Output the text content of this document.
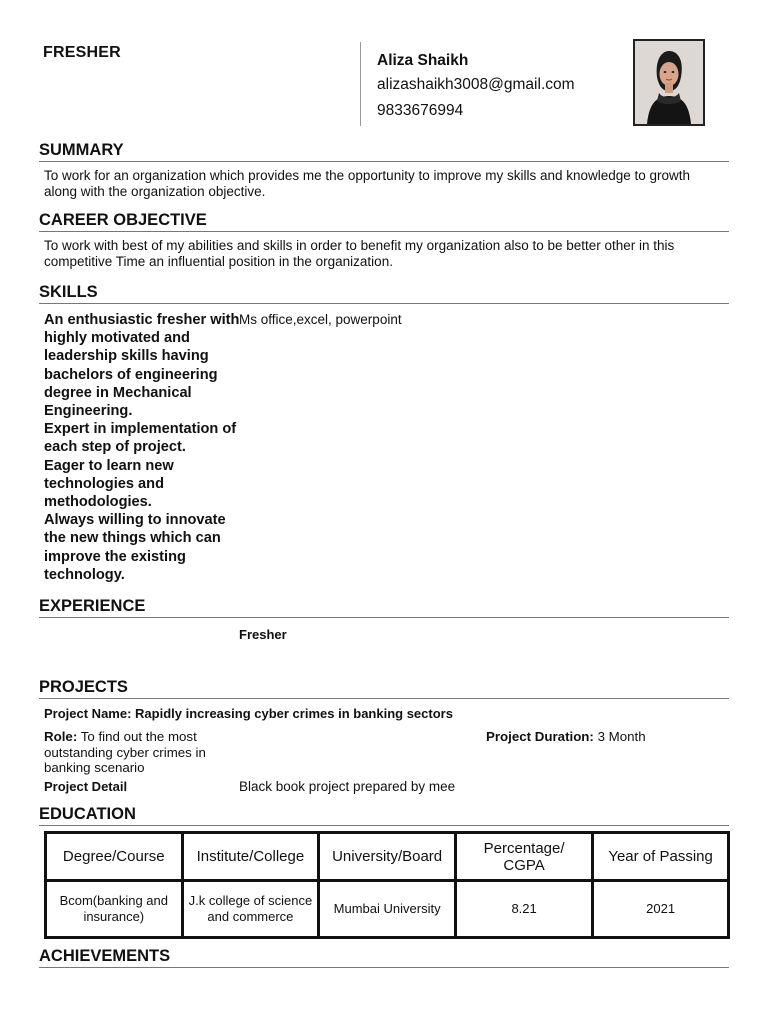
FRESHER	Aliza Shaikh
alizashaikh3008@gmail.com
9833676994
SUMMARY
To work for an organization which provides me the opportunity to improve my skills and knowledge to growth along with the organization objective.
CAREER OBJECTIVE
To work with best of my abilities and skills in order to benefit my organization also to be better other in this competitive Time an influential position in the organization.
SKILLS
An enthusiastic fresher with highly motivated and leadership skills having bachelors of engineering degree in Mechanical Engineering.
Expert in implementation of each step of project.
Eager to learn new technologies and methodologies.
Always willing to innovate the new things which can improve the existing technology.
Ms office,excel, powerpoint
EXPERIENCE
Fresher
PROJECTS
Project Name: Rapidly increasing cyber crimes in banking sectors
Role: To find out the most outstanding cyber crimes in banking scenario
Project Duration: 3 Month
Project Detail	Black book project prepared by mee
EDUCATION
Degree/Course	Institute/College	University/Board	Percentage/ CGPA	Year of Passing
Bcom(banking and insurance)	J.k college of science and commerce	Mumbai University	8.21	2021
ACHIEVEMENTS
